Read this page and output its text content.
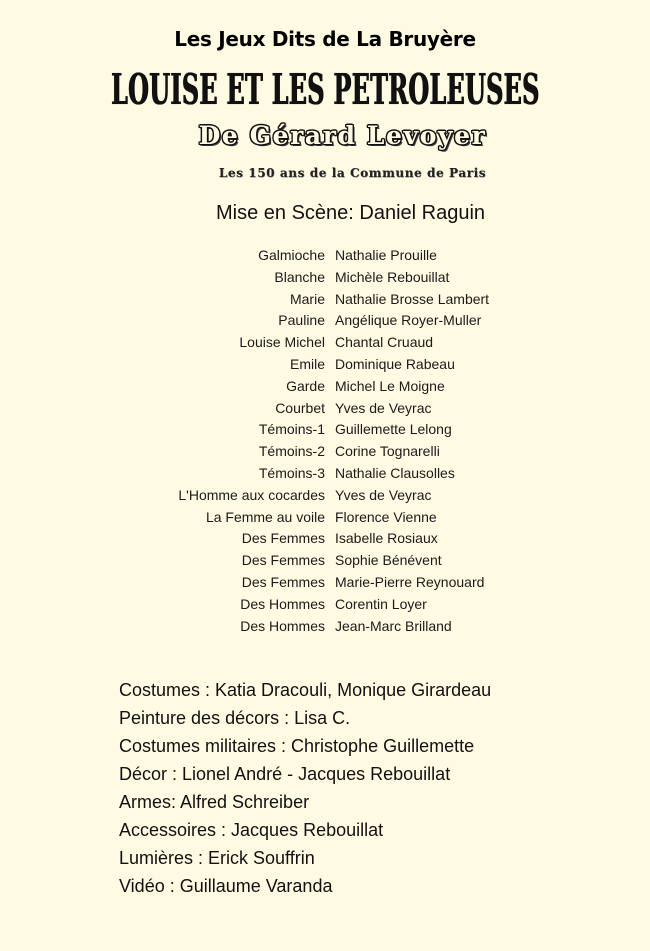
Les Jeux Dits de La Bruyère
LOUISE ET LES PETROLEUSES
De Gérard Levoyer
Les 150 ans de la Commune de Paris
Mise en Scène: Daniel Raguin
Galmioche Nathalie Prouille
Blanche Michèle Rebouillat
Marie Nathalie Brosse Lambert
Pauline Angélique Royer-Muller
Louise Michel Chantal Cruaud
Emile Dominique Rabeau
Garde Michel Le Moigne
Courbet Yves de Veyrac
Témoins-1 Guillemette Lelong
Témoins-2 Corine Tognarelli
Témoins-3 Nathalie Clausolles
L'Homme aux cocardes Yves de Veyrac
La Femme au voile Florence Vienne
Des Femmes Isabelle Rosiaux
Des Femmes Sophie Bénévent
Des Femmes Marie-Pierre Reynouard
Des Hommes Corentin Loyer
Des Hommes Jean-Marc Brilland
Costumes : Katia Dracouli, Monique Girardeau
Peinture des décors : Lisa C.
Costumes militaires : Christophe Guillemette
Décor : Lionel André - Jacques Rebouillat
Armes: Alfred Schreiber
Accessoires : Jacques Rebouillat
Lumières : Erick Souffrin
Vidéo : Guillaume Varanda
